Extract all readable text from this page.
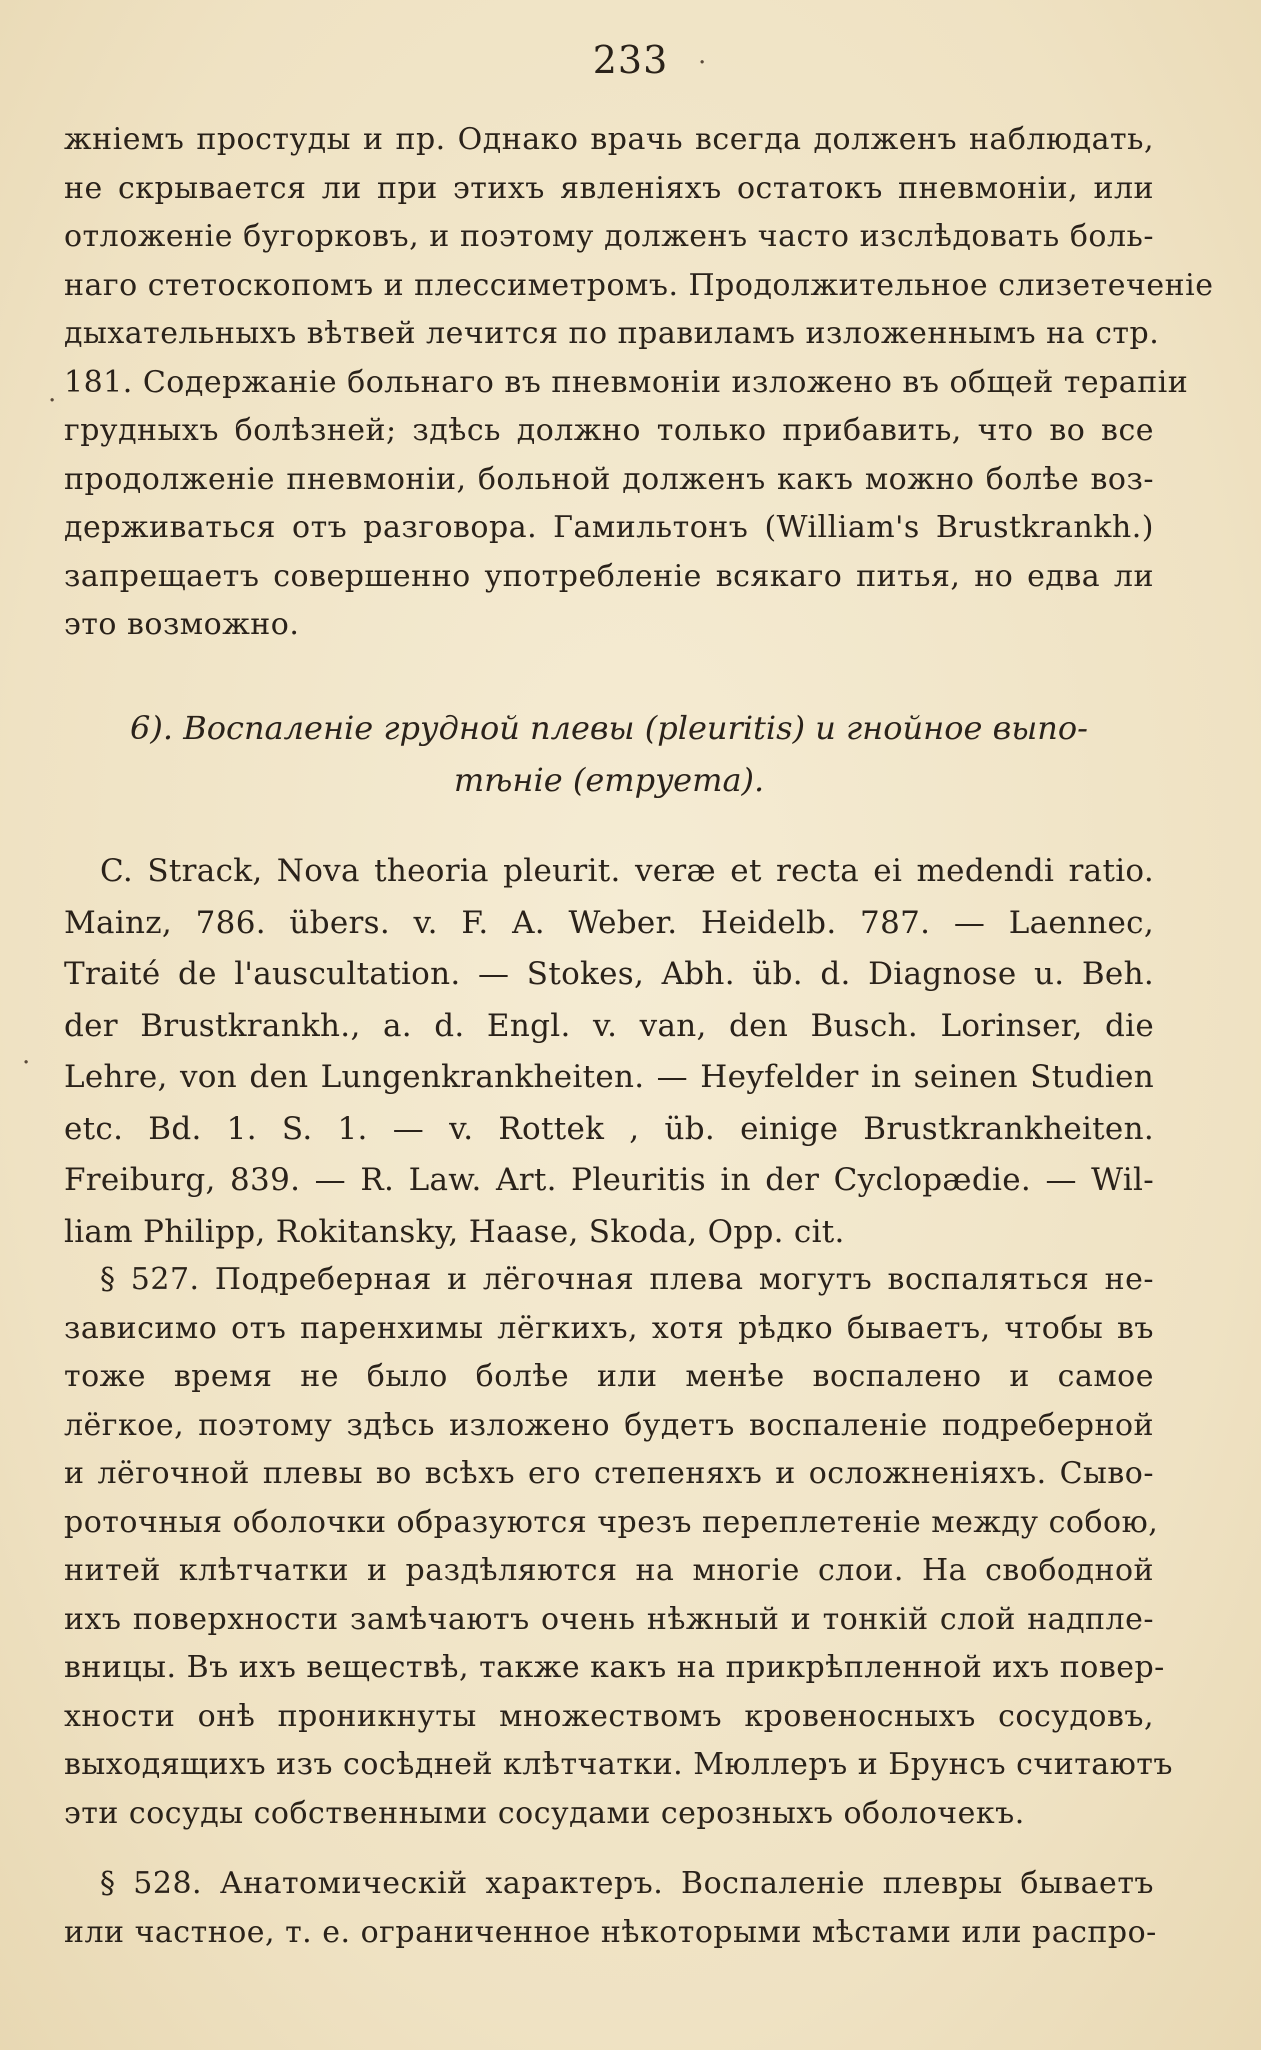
233
жнiемъ простуды и пр. Однако врачь всегда долженъ наблюдать,
не скрывается ли при этихъ явленiяхъ остатокъ пневмонiи, или
отложенiе бугорковъ, и поэтому долженъ часто изслѣдовать боль-
наго стетоскопомъ и плессиметромъ. Продолжительное слизетеченiе
дыхательныхъ вѣтвей лечится по правиламъ изложеннымъ на стр.
181. Содержанiе больнаго въ пневмонiи изложено въ общей терапiи
грудныхъ болѣзней; здѣсь должно только прибавить, что во все
продолженiе пневмонiи, больной долженъ какъ можно болѣе воз-
держиваться отъ разговора. Гамильтонъ (William's Brustkrankh.)
запрещаетъ совершенно употребленiе всякаго питья, но едва ли
это возможно.
6). Воспаленiе грудной плевы (pleuritis) и гнойное выпо-
тѣнiе (empyema).
C. Strack, Nova theoria pleurit. veræ et recta ei medendi ratio.
Mainz, 786. übers. v. F. A. Weber. Heidelb. 787. — Laennec,
Traité de l'auscultation. — Stokes, Abh. üb. d. Diagnose u. Beh.
der Brustkrankh., a. d. Engl. v. van, den Busch. Lorinser, die
Lehre, von den Lungenkrankheiten. — Heyfelder in seinen Studien
etc. Bd. 1. S. 1. — v. Rottek , üb. einige Brustkrankheiten.
Freiburg, 839. — R. Law. Art. Pleuritis in der Cyclopædie. — Wil-
liam Philipp, Rokitansky, Haase, Skoda, Opp. cit.
§ 527. Подреберная и лёгочная плева могутъ воспаляться не-
зависимо отъ паренхимы лёгкихъ, хотя рѣдко бываетъ, чтобы въ
тоже время не было болѣе или менѣе воспалено и самое
лёгкое, поэтому здѣсь изложено будетъ воспаленiе подреберной
и лёгочной плевы во всѣхъ его степеняхъ и осложненiяхъ. Сыво-
роточныя оболочки образуются чрезъ переплетенiе между собою,
нитей клѣтчатки и раздѣляются на многiе слои. На свободной
ихъ поверхности замѣчаютъ очень нѣжный и тонкiй слой надпле-
вницы. Въ ихъ веществѣ, также какъ на прикрѣпленной ихъ повер-
хности онѣ проникнуты множествомъ кровеносныхъ сосудовъ,
выходящихъ изъ сосѣдней клѣтчатки. Мюллеръ и Брунсъ считаютъ
эти сосуды собственными сосудами серозныхъ оболочекъ.
§ 528. Анатомическiй характеръ. Воспаленiе плевры бываетъ
или частное, т. е. ограниченное нѣкоторыми мѣстами или распро-
.
·
.
